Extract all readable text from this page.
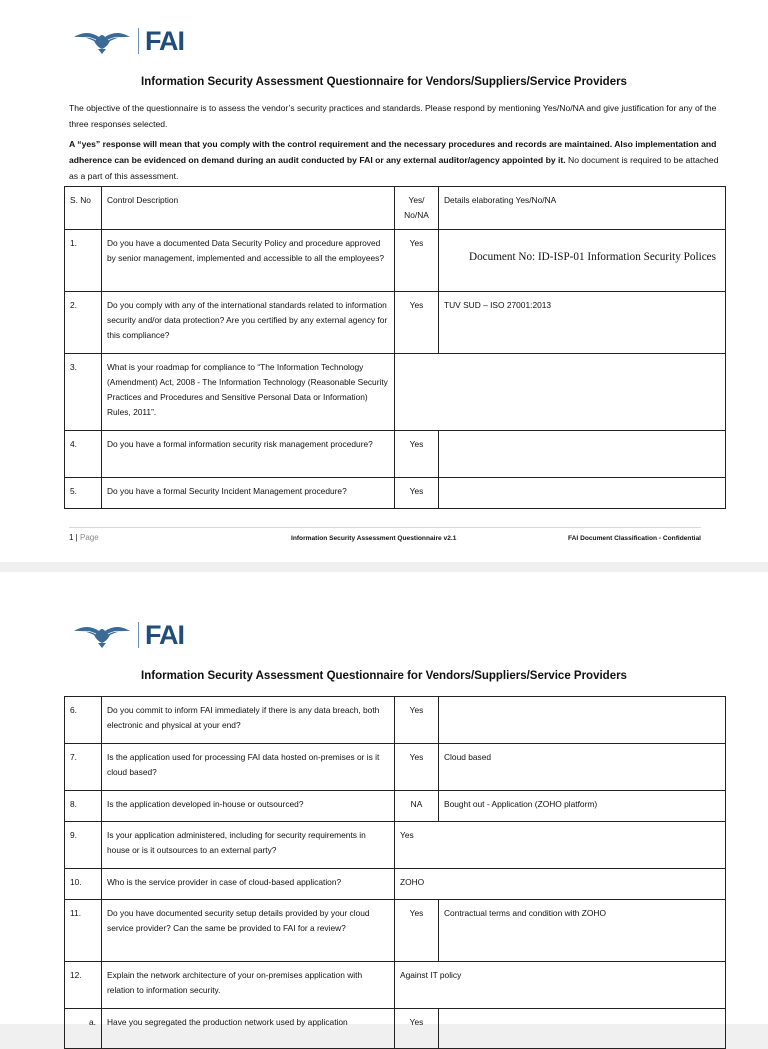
FAI
Information Security Assessment Questionnaire for Vendors/Suppliers/Service Providers
The objective of the questionnaire is to assess the vendor’s security practices and standards. Please respond by mentioning Yes/No/NA and give justification for any of the three responses selected.
A “yes” response will mean that you comply with the control requirement and the necessary procedures and records are maintained. Also implementation and adherence can be evidenced on demand during an audit conducted by FAI or any external auditor/agency appointed by it. No document is required to be attached as a part of this assessment.
S. No	Control Description	Yes/ No/NA	Details elaborating Yes/No/NA
1.	Do you have a documented Data Security Policy and procedure approved by senior management, implemented and accessible to all the employees?	Yes	Document No: ID-ISP-01 Information Security Polices

2.	Do you comply with any of the international standards related to information security and/or data protection? Are you certified by any external agency for this compliance?	Yes	TUV SUD – ISO 27001:2013
3.	What is your roadmap for compliance to “The Information Technology (Amendment) Act, 2008 - The Information Technology (Reasonable Security Practices and Procedures and Sensitive Personal Data or Information) Rules, 2011”.		
4.	Do you have a formal information security risk management procedure?	Yes	
5.	Do you have a formal Security Incident Management procedure?	Yes	
1 | Page	Information Security Assessment Questionnaire v2.1	FAI Document Classification - Confidential
FAI
Information Security Assessment Questionnaire for Vendors/Suppliers/Service Providers
6.	Do you commit to inform FAI immediately if there is any data breach, both electronic and physical at your end?	Yes	
7.	Is the application used for processing FAI data hosted on-premises or is it cloud based?	Yes	Cloud based
8.	Is the application developed in-house or outsourced?	NA	Bought out - Application (ZOHO platform)
9.	Is your application administered, including for security requirements in house or is it outsources to an external party?	Yes	
10.	Who is the service provider in case of cloud-based application?	ZOHO	
11.	Do you have documented security setup details provided by your cloud service provider? Can the same be provided to FAI for a review?	Yes	Contractual terms and condition with ZOHO
12.	Explain the network architecture of your on-premises application with relation to information security.	Against IT policy	
a.	Have you segregated the production network used by application	Yes	
